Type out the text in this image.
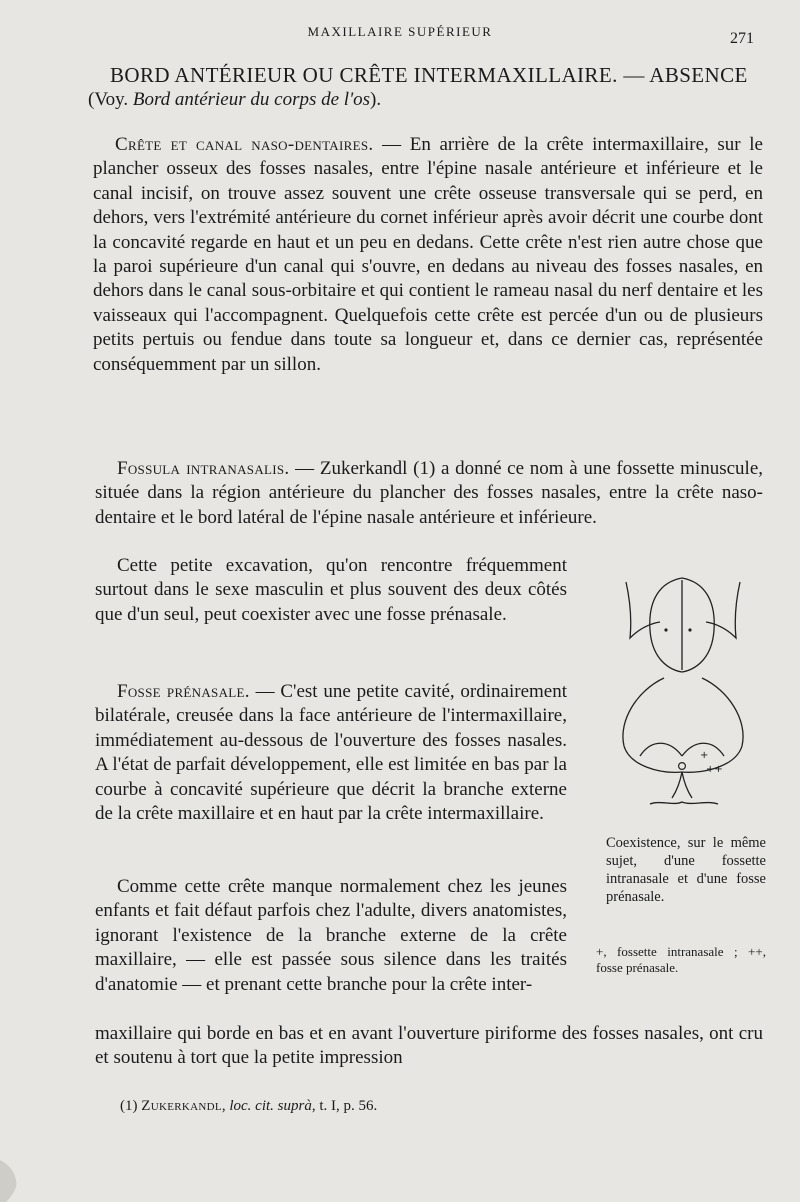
MAXILLAIRE SUPÉRIEUR	271
BORD ANTÉRIEUR OU CRÊTE INTERMAXILLAIRE. — ABSENCE
(Voy. Bord antérieur du corps de l'os).
Crête et canal naso-dentaires. — En arrière de la crête intermaxillaire, sur le plancher osseux des fosses nasales, entre l'épine nasale antérieure et inférieure et le canal incisif, on trouve assez souvent une crête osseuse transversale qui se perd, en dehors, vers l'extrémité antérieure du cornet inférieur après avoir décrit une courbe dont la concavité regarde en haut et un peu en dedans. Cette crête n'est rien autre chose que la paroi supérieure d'un canal qui s'ouvre, en dedans au niveau des fosses nasales, en dehors dans le canal sous-orbitaire et qui contient le rameau nasal du nerf dentaire et les vaisseaux qui l'accompagnent. Quelquefois cette crête est percée d'un ou de plusieurs petits pertuis ou fendue dans toute sa longueur et, dans ce dernier cas, représentée conséquemment par un sillon.
Fossula intranasalis. — Zukerkandl (1) a donné ce nom à une fossette minuscule, située dans la région antérieure du plancher des fosses nasales, entre la crête naso-dentaire et le bord latéral de l'épine nasale antérieure et inférieure.
Cette petite excavation, qu'on rencontre fréquemment surtout dans le sexe masculin et plus souvent des deux côtés que d'un seul, peut coexister avec une fosse prénasale.
Fosse prénasale. — C'est une petite cavité, ordinairement bilatérale, creusée dans la face antérieure de l'intermaxillaire, immédiatement au-dessous de l'ouverture des fosses nasales. A l'état de parfait développement, elle est limitée en bas par la courbe à concavité supérieure que décrit la branche externe de la crête maxillaire et en haut par la crête intermaxillaire.
Comme cette crête manque normalement chez les jeunes enfants et fait défaut parfois chez l'adulte, divers anatomistes, ignorant l'existence de la branche externe de la crête maxillaire, — elle est passée sous silence dans les traités d'anatomie — et prenant cette branche pour la crête inter-
maxillaire qui borde en bas et en avant l'ouverture piriforme des fosses nasales, ont cru et soutenu à tort que la petite impression
+
++

Coexistence, sur le même sujet, d'une fossette intranasale et d'une fosse prénasale.

+, fossette intranasale ; ++, fosse prénasale.
(1) Zukerkandl, loc. cit. suprà, t. I, p. 56.
